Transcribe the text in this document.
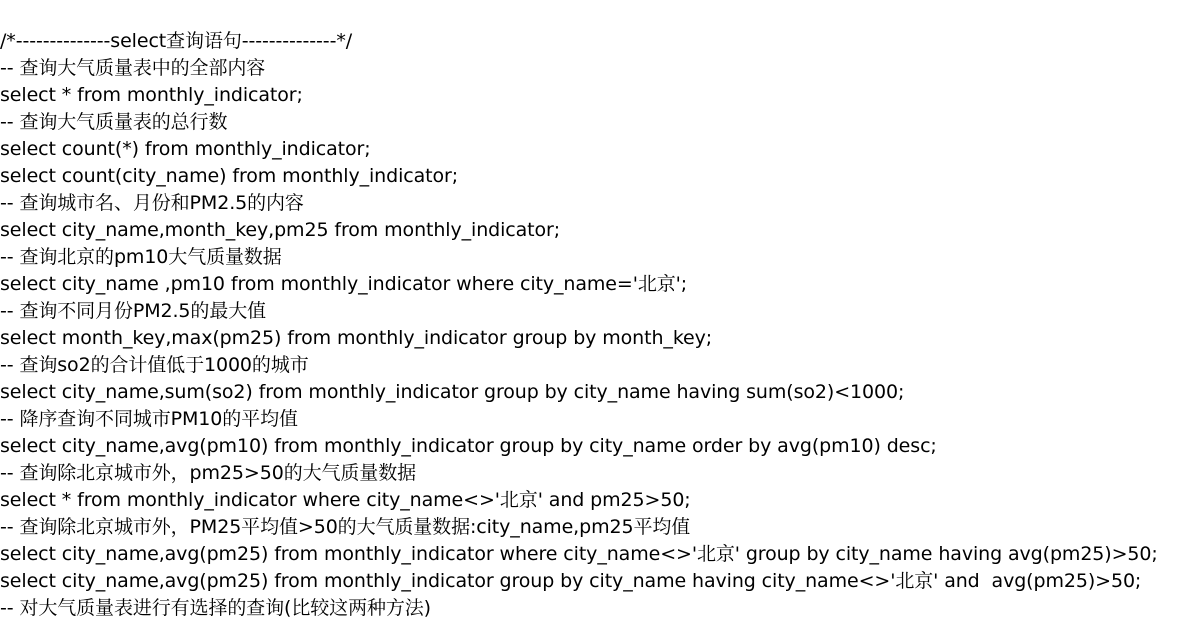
/*--------------select查询语句--------------*/
-- 查询大气质量表中的全部内容
select * from monthly_indicator;
-- 查询大气质量表的总行数
select count(*) from monthly_indicator;
select count(city_name) from monthly_indicator;
-- 查询城市名、月份和PM2.5的内容
select city_name,month_key,pm25 from monthly_indicator;
-- 查询北京的pm10大气质量数据
select city_name ,pm10 from monthly_indicator where city_name='北京';
-- 查询不同月份PM2.5的最大值
select month_key,max(pm25) from monthly_indicator group by month_key;
-- 查询so2的合计值低于1000的城市
select city_name,sum(so2) from monthly_indicator group by city_name having sum(so2)<1000;
-- 降序查询不同城市PM10的平均值
select city_name,avg(pm10) from monthly_indicator group by city_name order by avg(pm10) desc;
-- 查询除北京城市外，pm25>50的大气质量数据
select * from monthly_indicator where city_name<>'北京' and pm25>50;
-- 查询除北京城市外，PM25平均值>50的大气质量数据:city_name,pm25平均值
select city_name,avg(pm25) from monthly_indicator where city_name<>'北京' group by city_name having avg(pm25)>50;
select city_name,avg(pm25) from monthly_indicator group by city_name having city_name<>'北京' and  avg(pm25)>50;
-- 对大气质量表进行有选择的查询(比较这两种方法)
